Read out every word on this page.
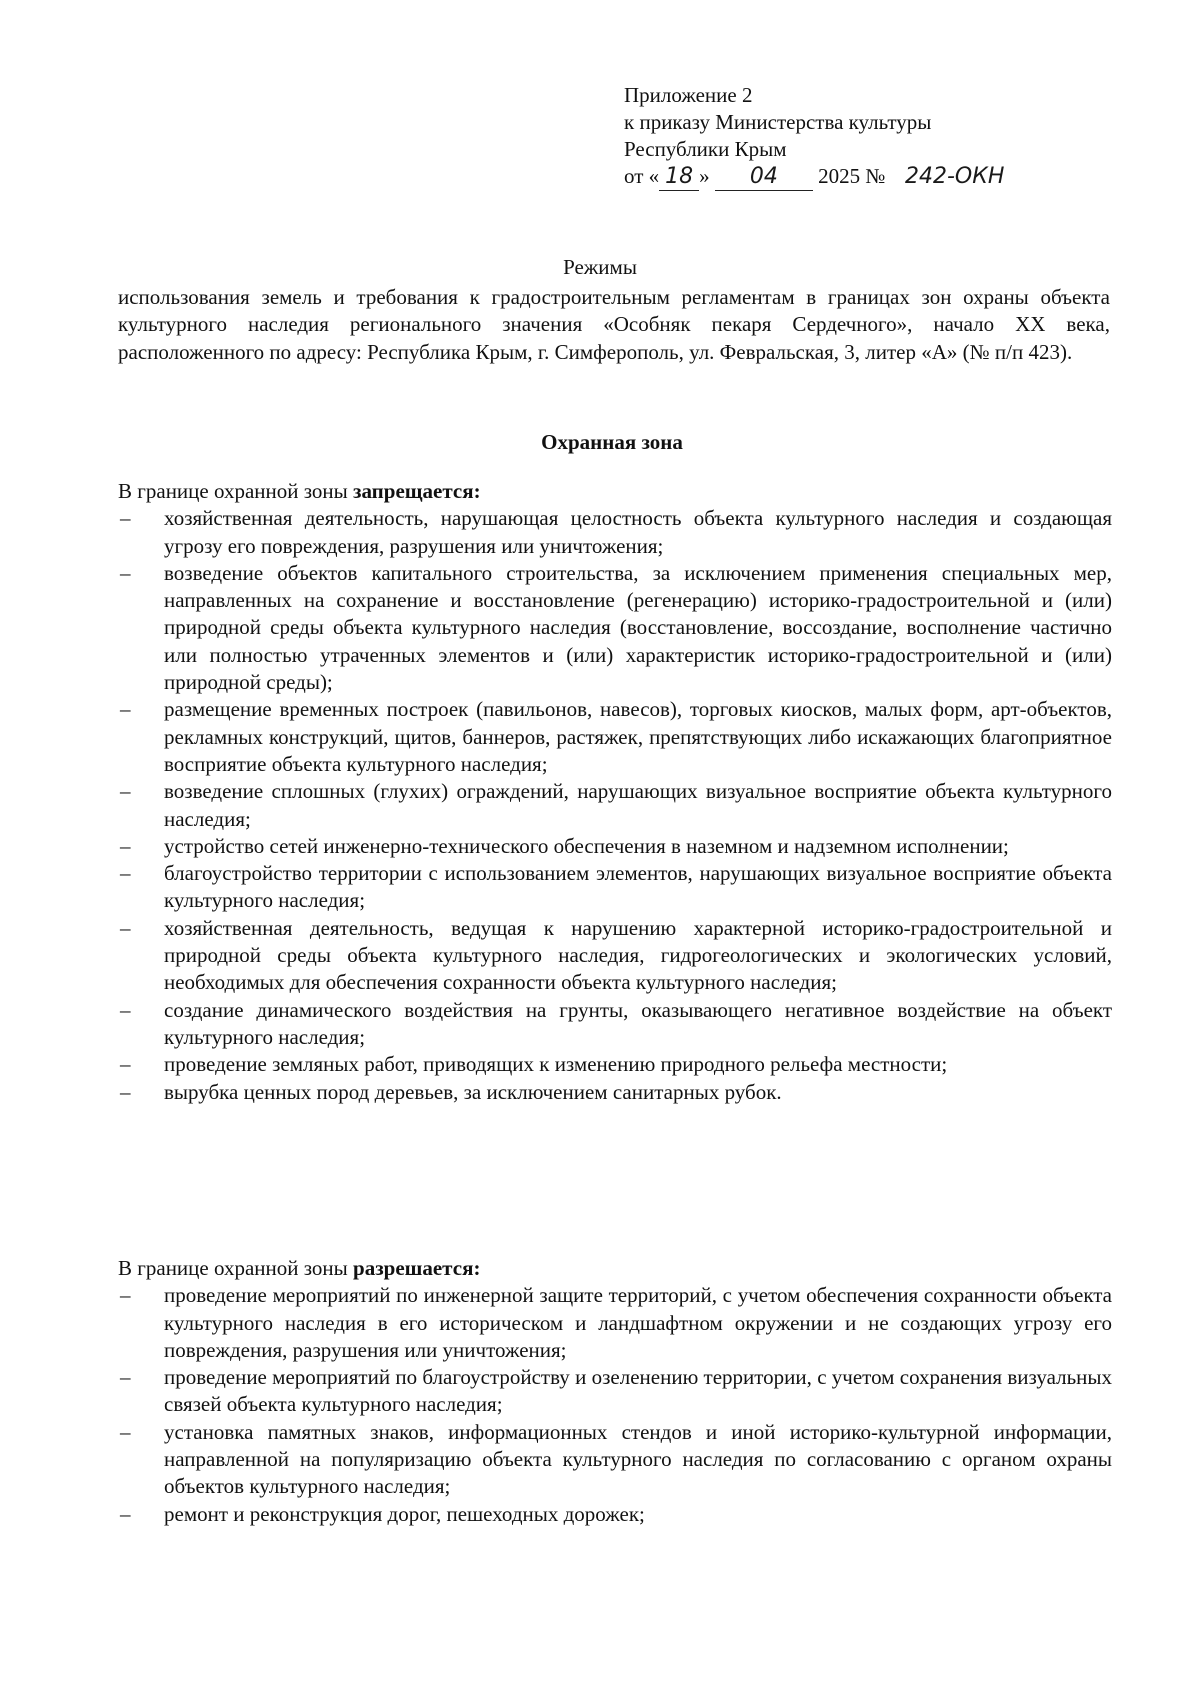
Приложение 2
к приказу Министерства культуры
Республики Крым
от « 18 » 04 2025 № 242-ОКН
Режимы

использования земель и требования к градостроительным регламентам в границах зон охраны объекта культурного наследия регионального значения «Особняк пекаря Сердечного», начало XX века, расположенного по адресу: Республика Крым, г. Симферополь, ул. Февральская, 3, литер «А» (№ п/п 423).

Охранная зона

В границе охранной зоны запрещается:

– хозяйственная деятельность, нарушающая целостность объекта культурного наследия и создающая угрозу его повреждения, разрушения или уничтожения;
– возведение объектов капитального строительства, за исключением применения специальных мер, направленных на сохранение и восстановление (регенерацию) историко-градостроительной и (или) природной среды объекта культурного наследия (восстановление, воссоздание, восполнение частично или полностью утраченных элементов и (или) характеристик историко-градостроительной и (или) природной среды);
– размещение временных построек (павильонов, навесов), торговых киосков, малых форм, арт-объектов, рекламных конструкций, щитов, баннеров, растяжек, препятствующих либо искажающих благоприятное восприятие объекта культурного наследия;
– возведение сплошных (глухих) ограждений, нарушающих визуальное восприятие объекта культурного наследия;
– устройство сетей инженерно-технического обеспечения в наземном и надземном исполнении;
– благоустройство территории с использованием элементов, нарушающих визуальное восприятие объекта культурного наследия;
– хозяйственная деятельность, ведущая к нарушению характерной историко-градостроительной и природной среды объекта культурного наследия, гидрогеологических и экологических условий, необходимых для обеспечения сохранности объекта культурного наследия;
– создание динамического воздействия на грунты, оказывающего негативное воздействие на объект культурного наследия;
– проведение земляных работ, приводящих к изменению природного рельефа местности;
– вырубка ценных пород деревьев, за исключением санитарных рубок.

В границе охранной зоны разрешается:

– проведение мероприятий по инженерной защите территорий, с учетом обеспечения сохранности объекта культурного наследия в его историческом и ландшафтном окружении и не создающих угрозу его повреждения, разрушения или уничтожения;
– проведение мероприятий по благоустройству и озеленению территории, с учетом сохранения визуальных связей объекта культурного наследия;
– установка памятных знаков, информационных стендов и иной историко-культурной информации, направленной на популяризацию объекта культурного наследия по согласованию с органом охраны объектов культурного наследия;
– ремонт и реконструкция дорог, пешеходных дорожек;
